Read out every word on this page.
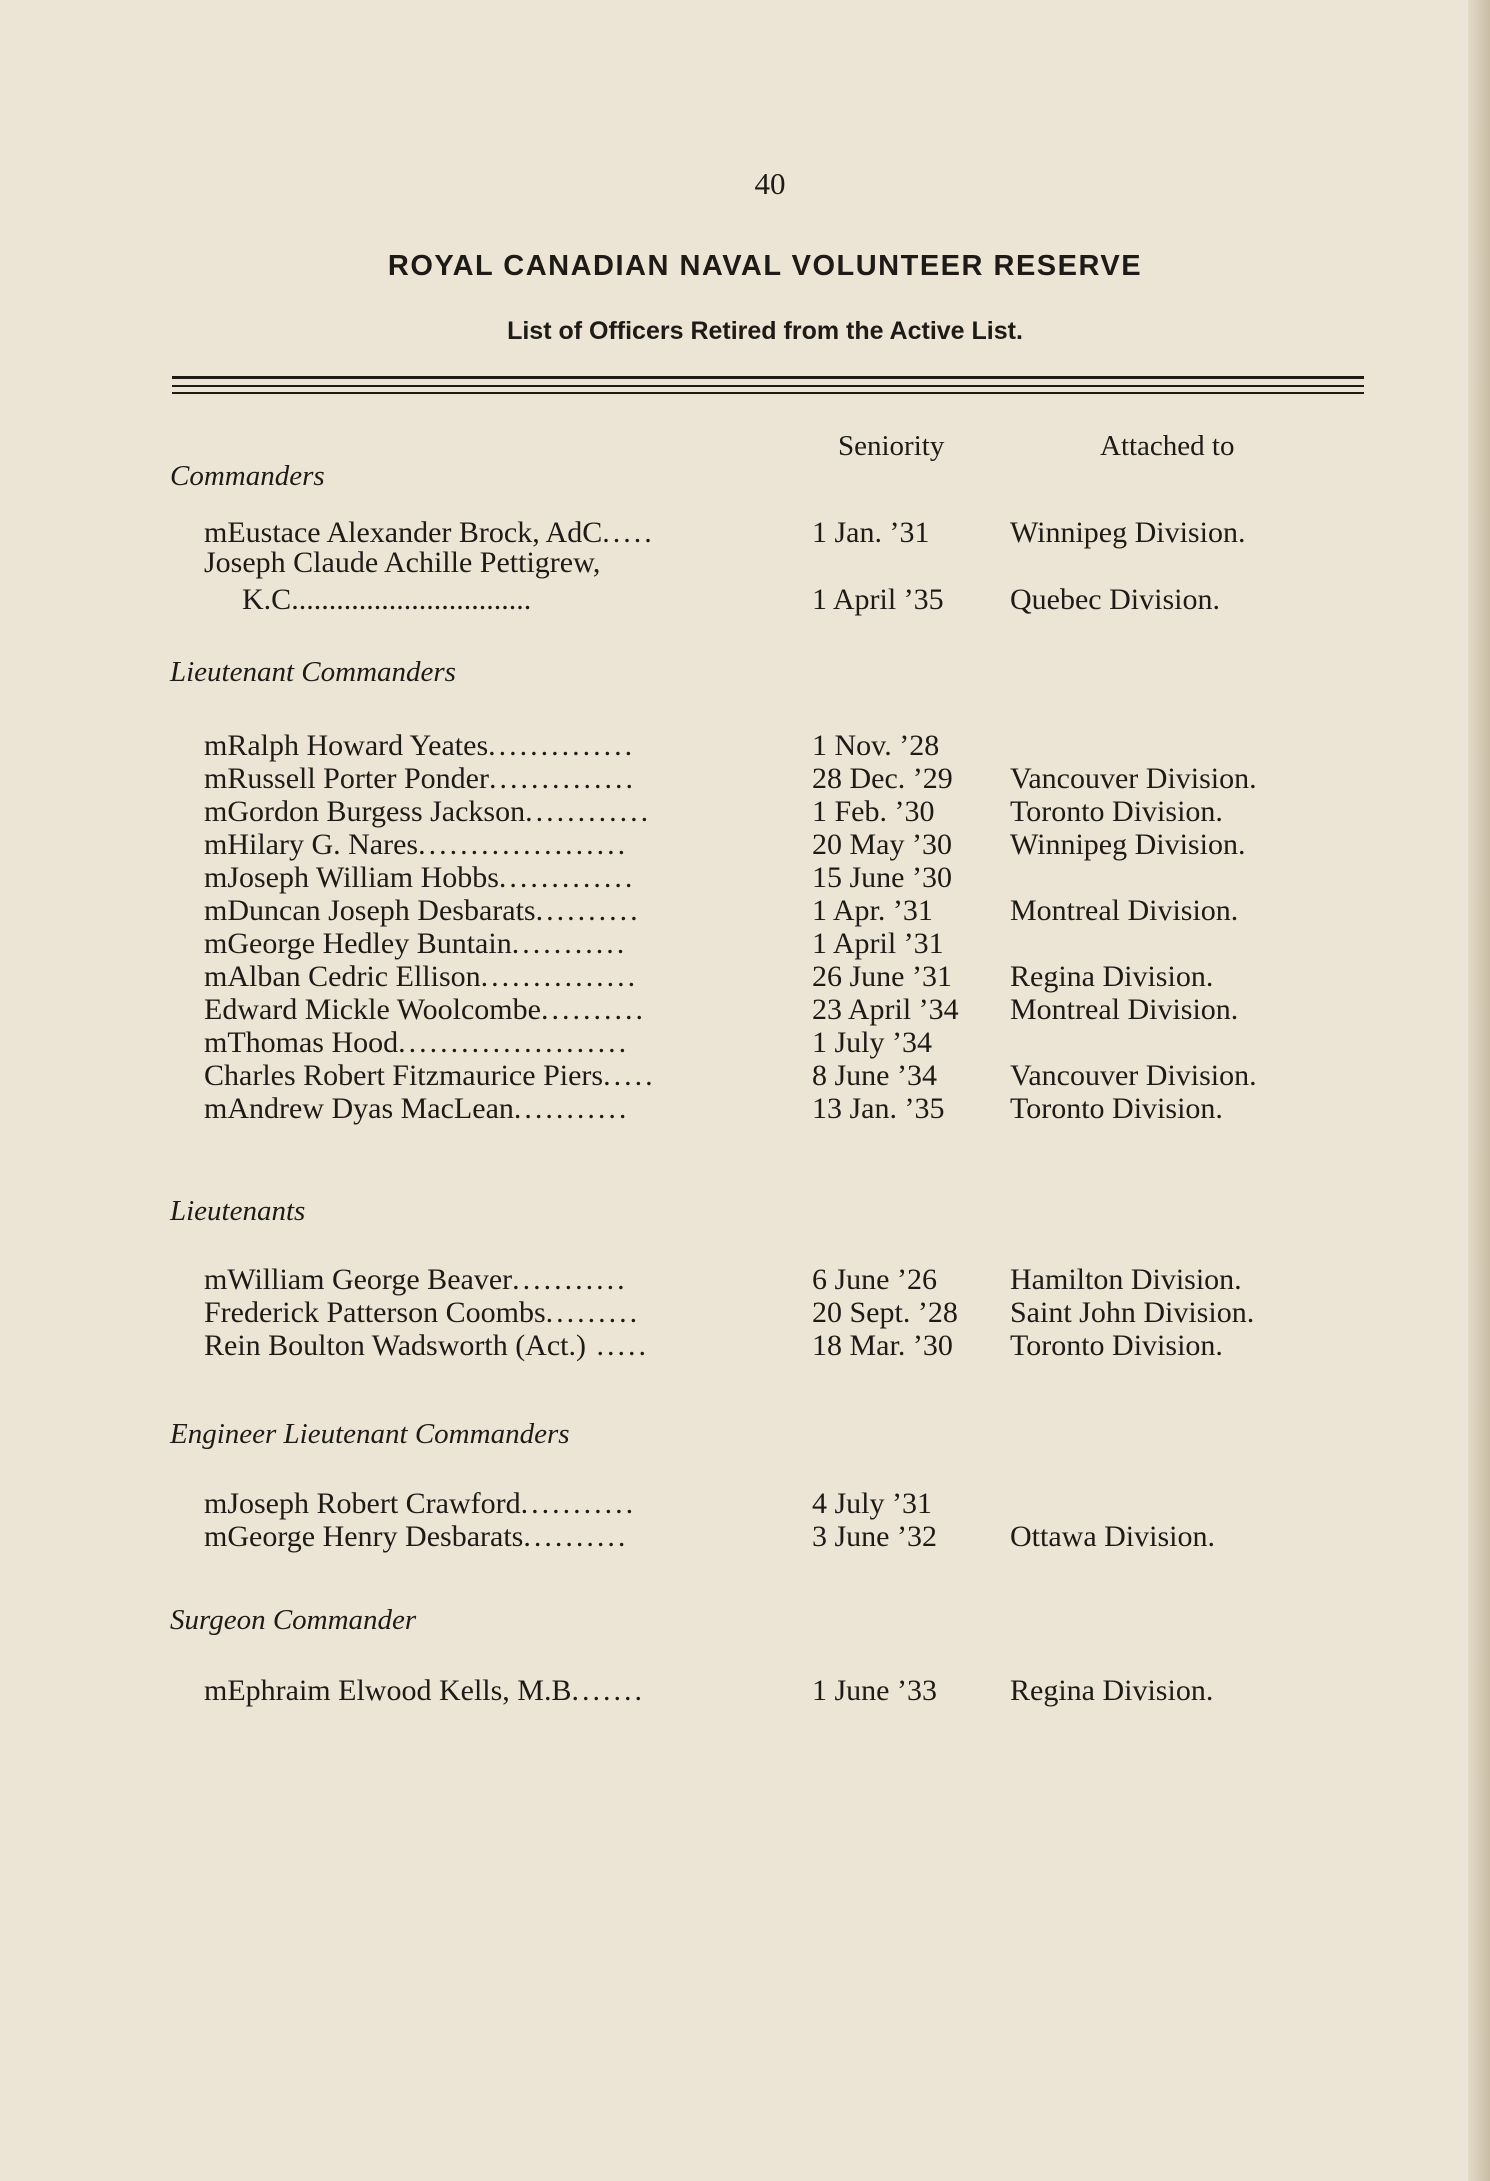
40
ROYAL CANADIAN NAVAL VOLUNTEER RESERVE
List of Officers Retired from the Active List.
Seniority	Attached to
Commanders
mEustace Alexander Brock, AdC.....	1 Jan. ’31	Winnipeg Division.
Joseph Claude Achille Pettigrew,
K.C................................	1 April ’35 Quebec Division.
Lieutenant Commanders
mRalph Howard Yeates..............	1 Nov. ’28
mRussell Porter Ponder..............	28 Dec. ’29 Vancouver Division.
mGordon Burgess Jackson............	1 Feb. ’30	Toronto Division.
mHilary G. Nares....................	20 May ’30 Winnipeg Division.
mJoseph William Hobbs.............	15 June ’30
mDuncan Joseph Desbarats..........	1 Apr. ’31	Montreal Division.
mGeorge Hedley Buntain...........	1 April ’31
mAlban Cedric Ellison...............	26 June ’31 Regina Division.
Edward Mickle Woolcombe..........	23 April ’34 Montreal Division.
mThomas Hood......................	1 July ’34
Charles Robert Fitzmaurice Piers.....	8 June ’34 Vancouver Division.
mAndrew Dyas MacLean...........	13 Jan. ’35 Toronto Division.
Lieutenants
mWilliam George Beaver...........	6 June ’26 Hamilton Division.
Frederick Patterson Coombs.........	20 Sept. ’28 Saint John Division.
Rein Boulton Wadsworth (Act.) .....	18 Mar. ’30 Toronto Division.
Engineer Lieutenant Commanders
mJoseph Robert Crawford...........	4 July ’31
mGeorge Henry Desbarats..........	3 June ’32 Ottawa Division.
Surgeon Commander
mEphraim Elwood Kells, M.B.......	1 June ’33 Regina Division.
